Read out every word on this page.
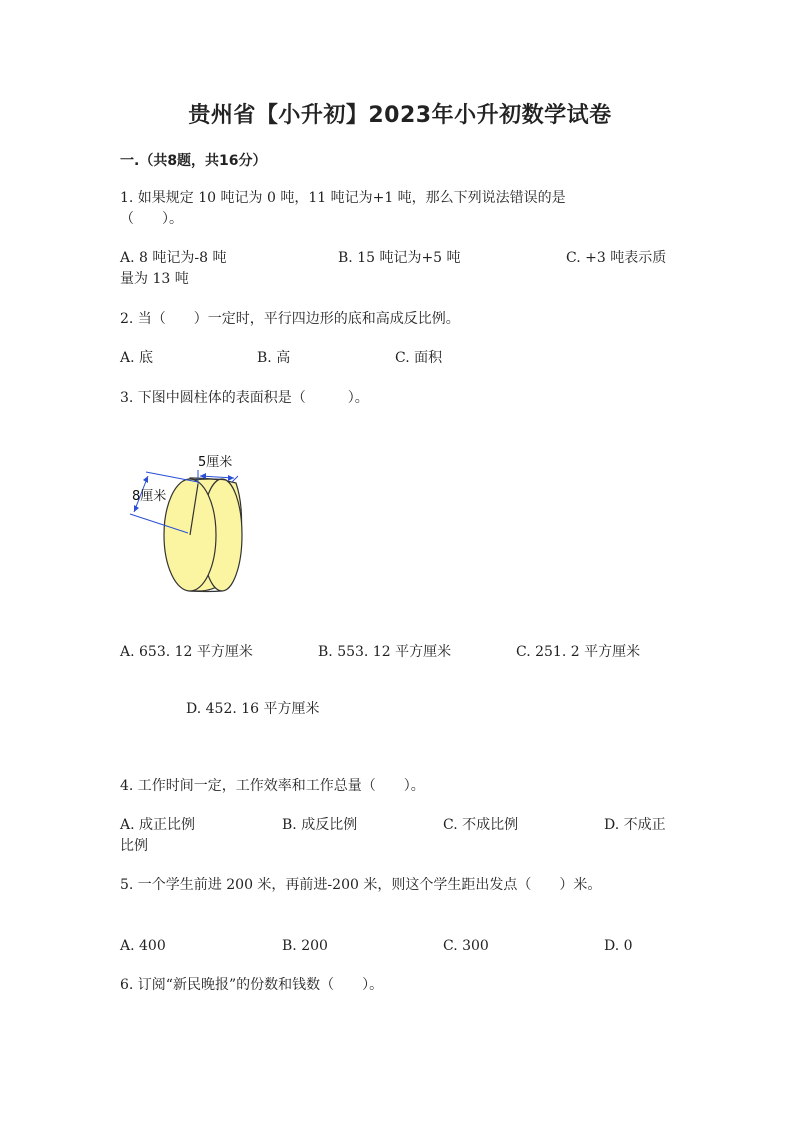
贵州省【小升初】2023年小升初数学试卷
一.（共8题，共16分）
1. 如果规定 10 吨记为 0 吨，11 吨记为+1 吨，那么下列说法错误的是
（　　）。
A. 8 吨记为-8 吨	B. 15 吨记为+5 吨	C. +3 吨表示质
量为 13 吨
2. 当（　　）一定时，平行四边形的底和高成反比例。
A. 底	B. 高	C. 面积
3. 下图中圆柱体的表面积是（　　　）。
5厘米
8厘米
A. 653. 12 平方厘米	B. 553. 12 平方厘米	C. 251. 2 平方厘米
D. 452. 16 平方厘米
4. 工作时间一定，工作效率和工作总量（　　）。
A. 成正比例	B. 成反比例	C. 不成比例	D. 不成正
比例
5. 一个学生前进 200 米，再前进-200 米，则这个学生距出发点（　　）米。
A. 400	B. 200	C. 300	D. 0
6. 订阅“新民晚报”的份数和钱数（　　）。
